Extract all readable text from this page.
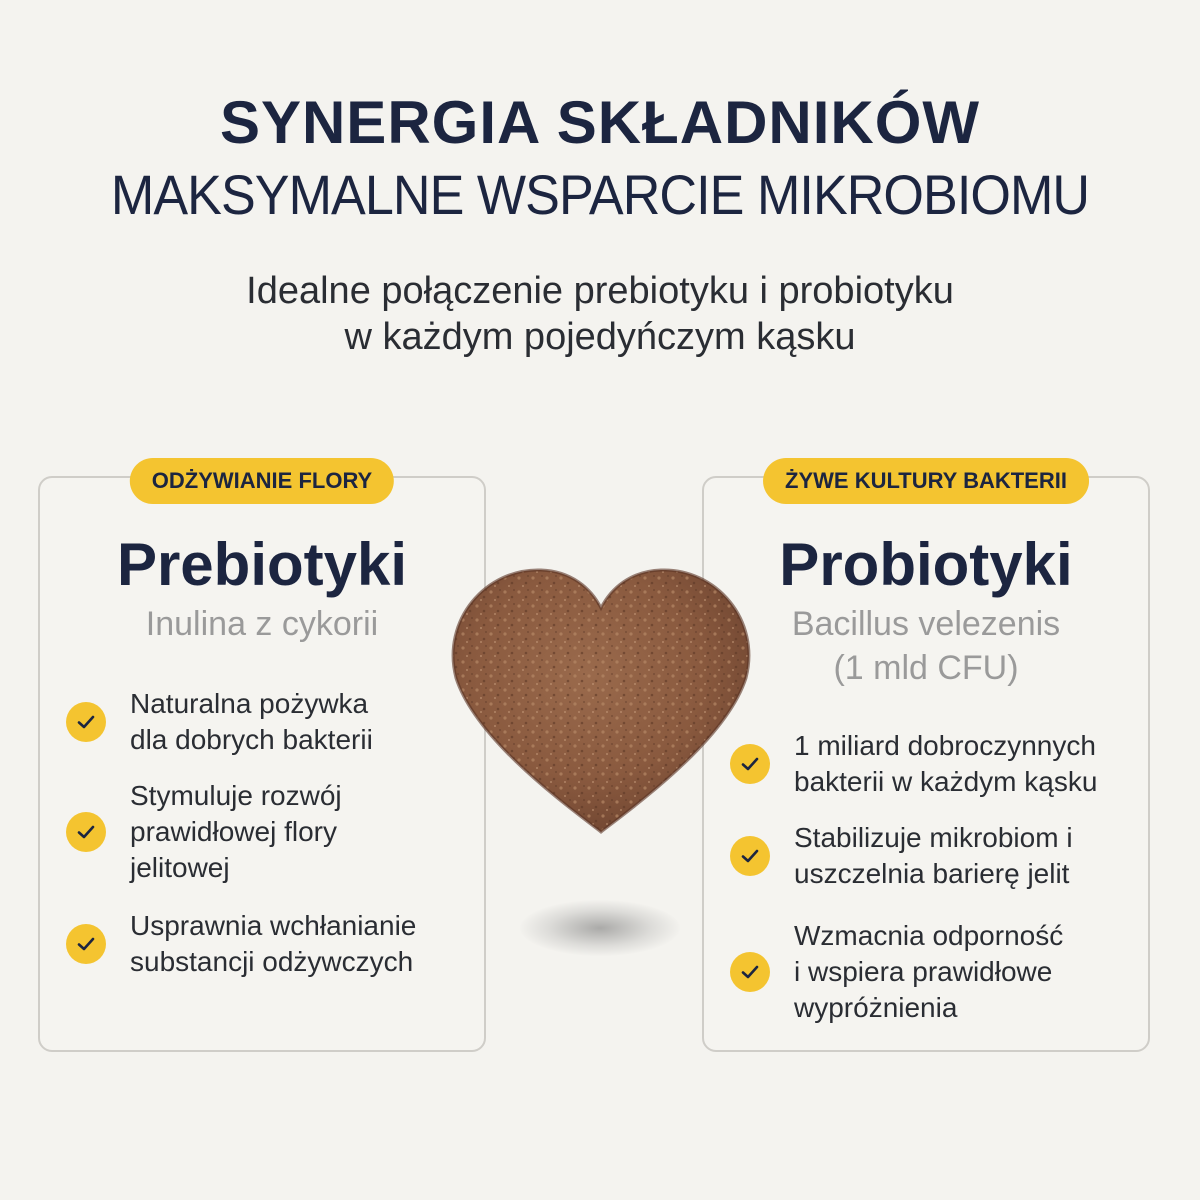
SYNERGIA SKŁADNIKÓW
MAKSYMALNE WSPARCIE MIKROBIOMU
Idealne połączenie prebiotyku i probiotyku
w każdym pojedyńczym kąsku
ODŻYWIANIE FLORY
Prebiotyki
Inulina z cykorii
Naturalna pożywka
dla dobrych bakterii
Stymuluje rozwój
prawidłowej flory
jelitowej
Usprawnia wchłanianie
substancji odżywczych
ŻYWE KULTURY BAKTERII
Probiotyki
Bacillus velezenis
(1 mld CFU)
1 miliard dobroczynnych
bakterii w każdym kąsku
Stabilizuje mikrobiom i
uszczelnia barierę jelit
Wzmacnia odporność
i wspiera prawidłowe
wypróżnienia
